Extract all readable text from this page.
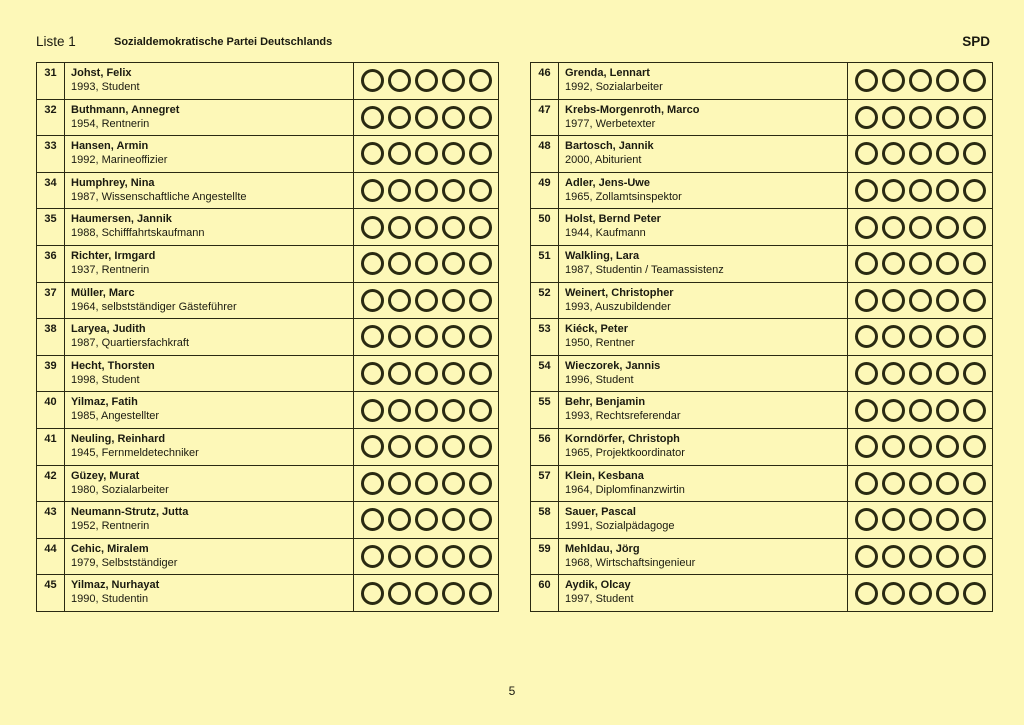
Liste 1	Sozialdemokratische Partei Deutschlands	SPD
31	Johst, Felix
1993, Student
32	Buthmann, Annegret
1954, Rentnerin
33	Hansen, Armin
1992, Marineoffizier
34	Humphrey, Nina
1987, Wissenschaftliche Angestellte
35	Haumersen, Jannik
1988, Schifffahrtskaufmann
36	Richter, Irmgard
1937, Rentnerin
37	Müller, Marc
1964, selbstständiger Gästeführer
38	Laryea, Judith
1987, Quartiersfachkraft
39	Hecht, Thorsten
1998, Student
40	Yilmaz, Fatih
1985, Angestellter
41	Neuling, Reinhard
1945, Fernmeldetechniker
42	Güzey, Murat
1980, Sozialarbeiter
43	Neumann-Strutz, Jutta
1952, Rentnerin
44	Cehic, Miralem
1979, Selbstständiger
45	Yilmaz, Nurhayat
1990, Studentin
46	Grenda, Lennart
1992, Sozialarbeiter
47	Krebs-Morgenroth, Marco
1977, Werbetexter
48	Bartosch, Jannik
2000, Abiturient
49	Adler, Jens-Uwe
1965, Zollamtsinspektor
50	Holst, Bernd Peter
1944, Kaufmann
51	Walkling, Lara
1987, Studentin / Teamassistenz
52	Weinert, Christopher
1993, Auszubildender
53	Kiéck, Peter
1950, Rentner
54	Wieczorek, Jannis
1996, Student
55	Behr, Benjamin
1993, Rechtsreferendar
56	Korndörfer, Christoph
1965, Projektkoordinator
57	Klein, Kesbana
1964, Diplomfinanzwirtin
58	Sauer, Pascal
1991, Sozialpädagoge
59	Mehldau, Jörg
1968, Wirtschaftsingenieur
60	Aydik, Olcay
1997, Student
5
